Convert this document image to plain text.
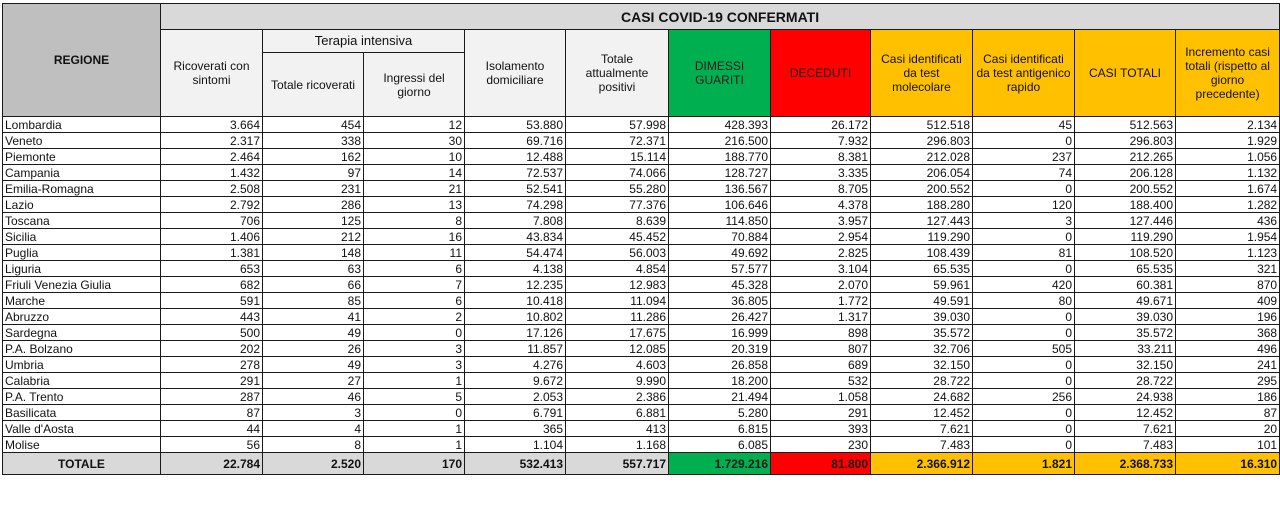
REGIONE	CASI COVID-19 CONFERMATI										
	Ricoverati con sintomi	Terapia intensiva		Isolamento domiciliare	Totale attualmente positivi	DIMESSI GUARITI	DECEDUTI	Casi identificati da test molecolare	Casi identificati da test antigenico rapido	CASI TOTALI	Incremento casi totali (rispetto al giorno precedente)
		Totale ricoverati	Ingressi del giorno								
Lombardia	3.664	454	12	53.880	57.998	428.393	26.172	512.518	45	512.563	2.134
Veneto	2.317	338	30	69.716	72.371	216.500	7.932	296.803	0	296.803	1.929
Piemonte	2.464	162	10	12.488	15.114	188.770	8.381	212.028	237	212.265	1.056
Campania	1.432	97	14	72.537	74.066	128.727	3.335	206.054	74	206.128	1.132
Emilia-Romagna	2.508	231	21	52.541	55.280	136.567	8.705	200.552	0	200.552	1.674
Lazio	2.792	286	13	74.298	77.376	106.646	4.378	188.280	120	188.400	1.282
Toscana	706	125	8	7.808	8.639	114.850	3.957	127.443	3	127.446	436
Sicilia	1.406	212	16	43.834	45.452	70.884	2.954	119.290	0	119.290	1.954
Puglia	1.381	148	11	54.474	56.003	49.692	2.825	108.439	81	108.520	1.123
Liguria	653	63	6	4.138	4.854	57.577	3.104	65.535	0	65.535	321
Friuli Venezia Giulia	682	66	7	12.235	12.983	45.328	2.070	59.961	420	60.381	870
Marche	591	85	6	10.418	11.094	36.805	1.772	49.591	80	49.671	409
Abruzzo	443	41	2	10.802	11.286	26.427	1.317	39.030	0	39.030	196
Sardegna	500	49	0	17.126	17.675	16.999	898	35.572	0	35.572	368
P.A. Bolzano	202	26	3	11.857	12.085	20.319	807	32.706	505	33.211	496
Umbria	278	49	3	4.276	4.603	26.858	689	32.150	0	32.150	241
Calabria	291	27	1	9.672	9.990	18.200	532	28.722	0	28.722	295
P.A. Trento	287	46	5	2.053	2.386	21.494	1.058	24.682	256	24.938	186
Basilicata	87	3	0	6.791	6.881	5.280	291	12.452	0	12.452	87
Valle d'Aosta	44	4	1	365	413	6.815	393	7.621	0	7.621	20
Molise	56	8	1	1.104	1.168	6.085	230	7.483	0	7.483	101
TOTALE	22.784	2.520	170	532.413	557.717	1.729.216	81.800	2.366.912	1.821	2.368.733	16.310
